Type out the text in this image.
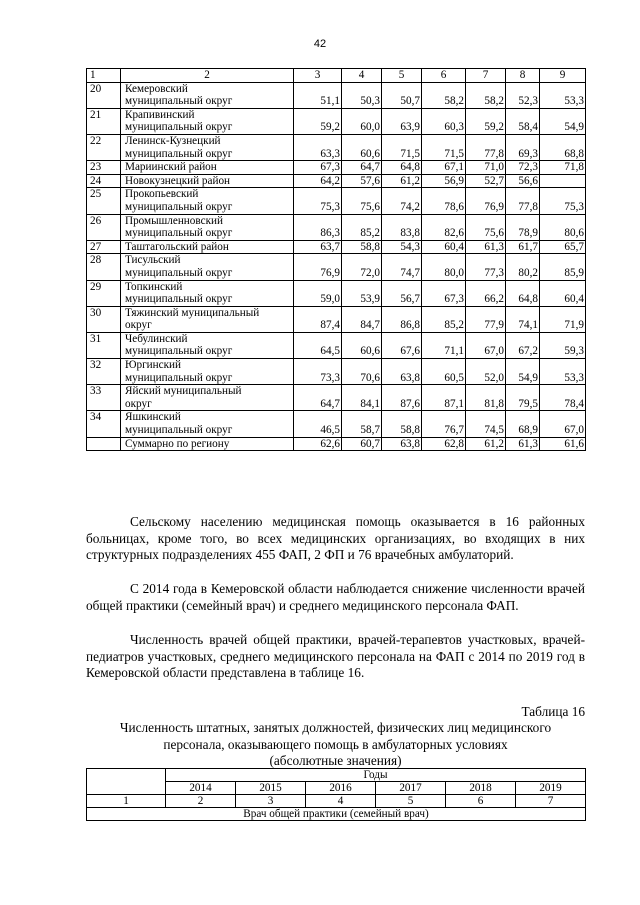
42
1	2	3	4	5	6	7	8	9
20	Кемеровский
муниципальный округ	51,1	50,3	50,7	58,2	58,2	52,3	53,3
21	Крапивинский
муниципальный округ	59,2	60,0	63,9	60,3	59,2	58,4	54,9
22	Ленинск-Кузнецкий
муниципальный округ	63,3	60,6	71,5	71,5	77,8	69,3	68,8
23	Мариинский район	67,3	64,7	64,8	67,1	71,0	72,3	71,8
24	Новокузнецкий район	64,2	57,6	61,2	56,9	52,7	56,6	
25	Прокопьевский
муниципальный округ	75,3	75,6	74,2	78,6	76,9	77,8	75,3
26	Промышленновский
муниципальный округ	86,3	85,2	83,8	82,6	75,6	78,9	80,6
27	Таштагольский район	63,7	58,8	54,3	60,4	61,3	61,7	65,7
28	Тисульский
муниципальный округ	76,9	72,0	74,7	80,0	77,3	80,2	85,9
29	Топкинский
муниципальный округ	59,0	53,9	56,7	67,3	66,2	64,8	60,4
30	Тяжинский муниципальный
округ	87,4	84,7	86,8	85,2	77,9	74,1	71,9
31	Чебулинский
муниципальный округ	64,5	60,6	67,6	71,1	67,0	67,2	59,3
32	Юргинский
муниципальный округ	73,3	70,6	63,8	60,5	52,0	54,9	53,3
33	Яйский муниципальный
округ	64,7	84,1	87,6	87,1	81,8	79,5	78,4
34	Яшкинский
муниципальный округ	46,5	58,7	58,8	76,7	74,5	68,9	67,0

	Суммарно по региону	62,6	60,7	63,8	62,8	61,2	61,3	61,6

Сельскому населению медицинская помощь оказывается в 16 районных больницах, кроме того, во всех медицинских организациях, во входящих в них структурных подразделениях 455 ФАП, 2 ФП и 76 врачебных амбулаторий.

С 2014 года в Кемеровской области наблюдается снижение численности врачей общей практики (семейный врач) и среднего медицинского персонала ФАП.

Численность врачей общей практики, врачей-терапевтов участковых, врачей-педиатров участковых, среднего медицинского персонала на ФАП с 2014 по 2019 год в Кемеровской области представлена в таблице 16.

Таблица 16
Численность штатных, занятых должностей, физических лиц медицинского
персонала, оказывающего помощь в амбулаторных условиях
(абсолютные значения)
	Годы					
	2014	2015	2016	2017	2018	2019
1	2	3	4	5	6	7
Врач общей практики (семейный врач)						
